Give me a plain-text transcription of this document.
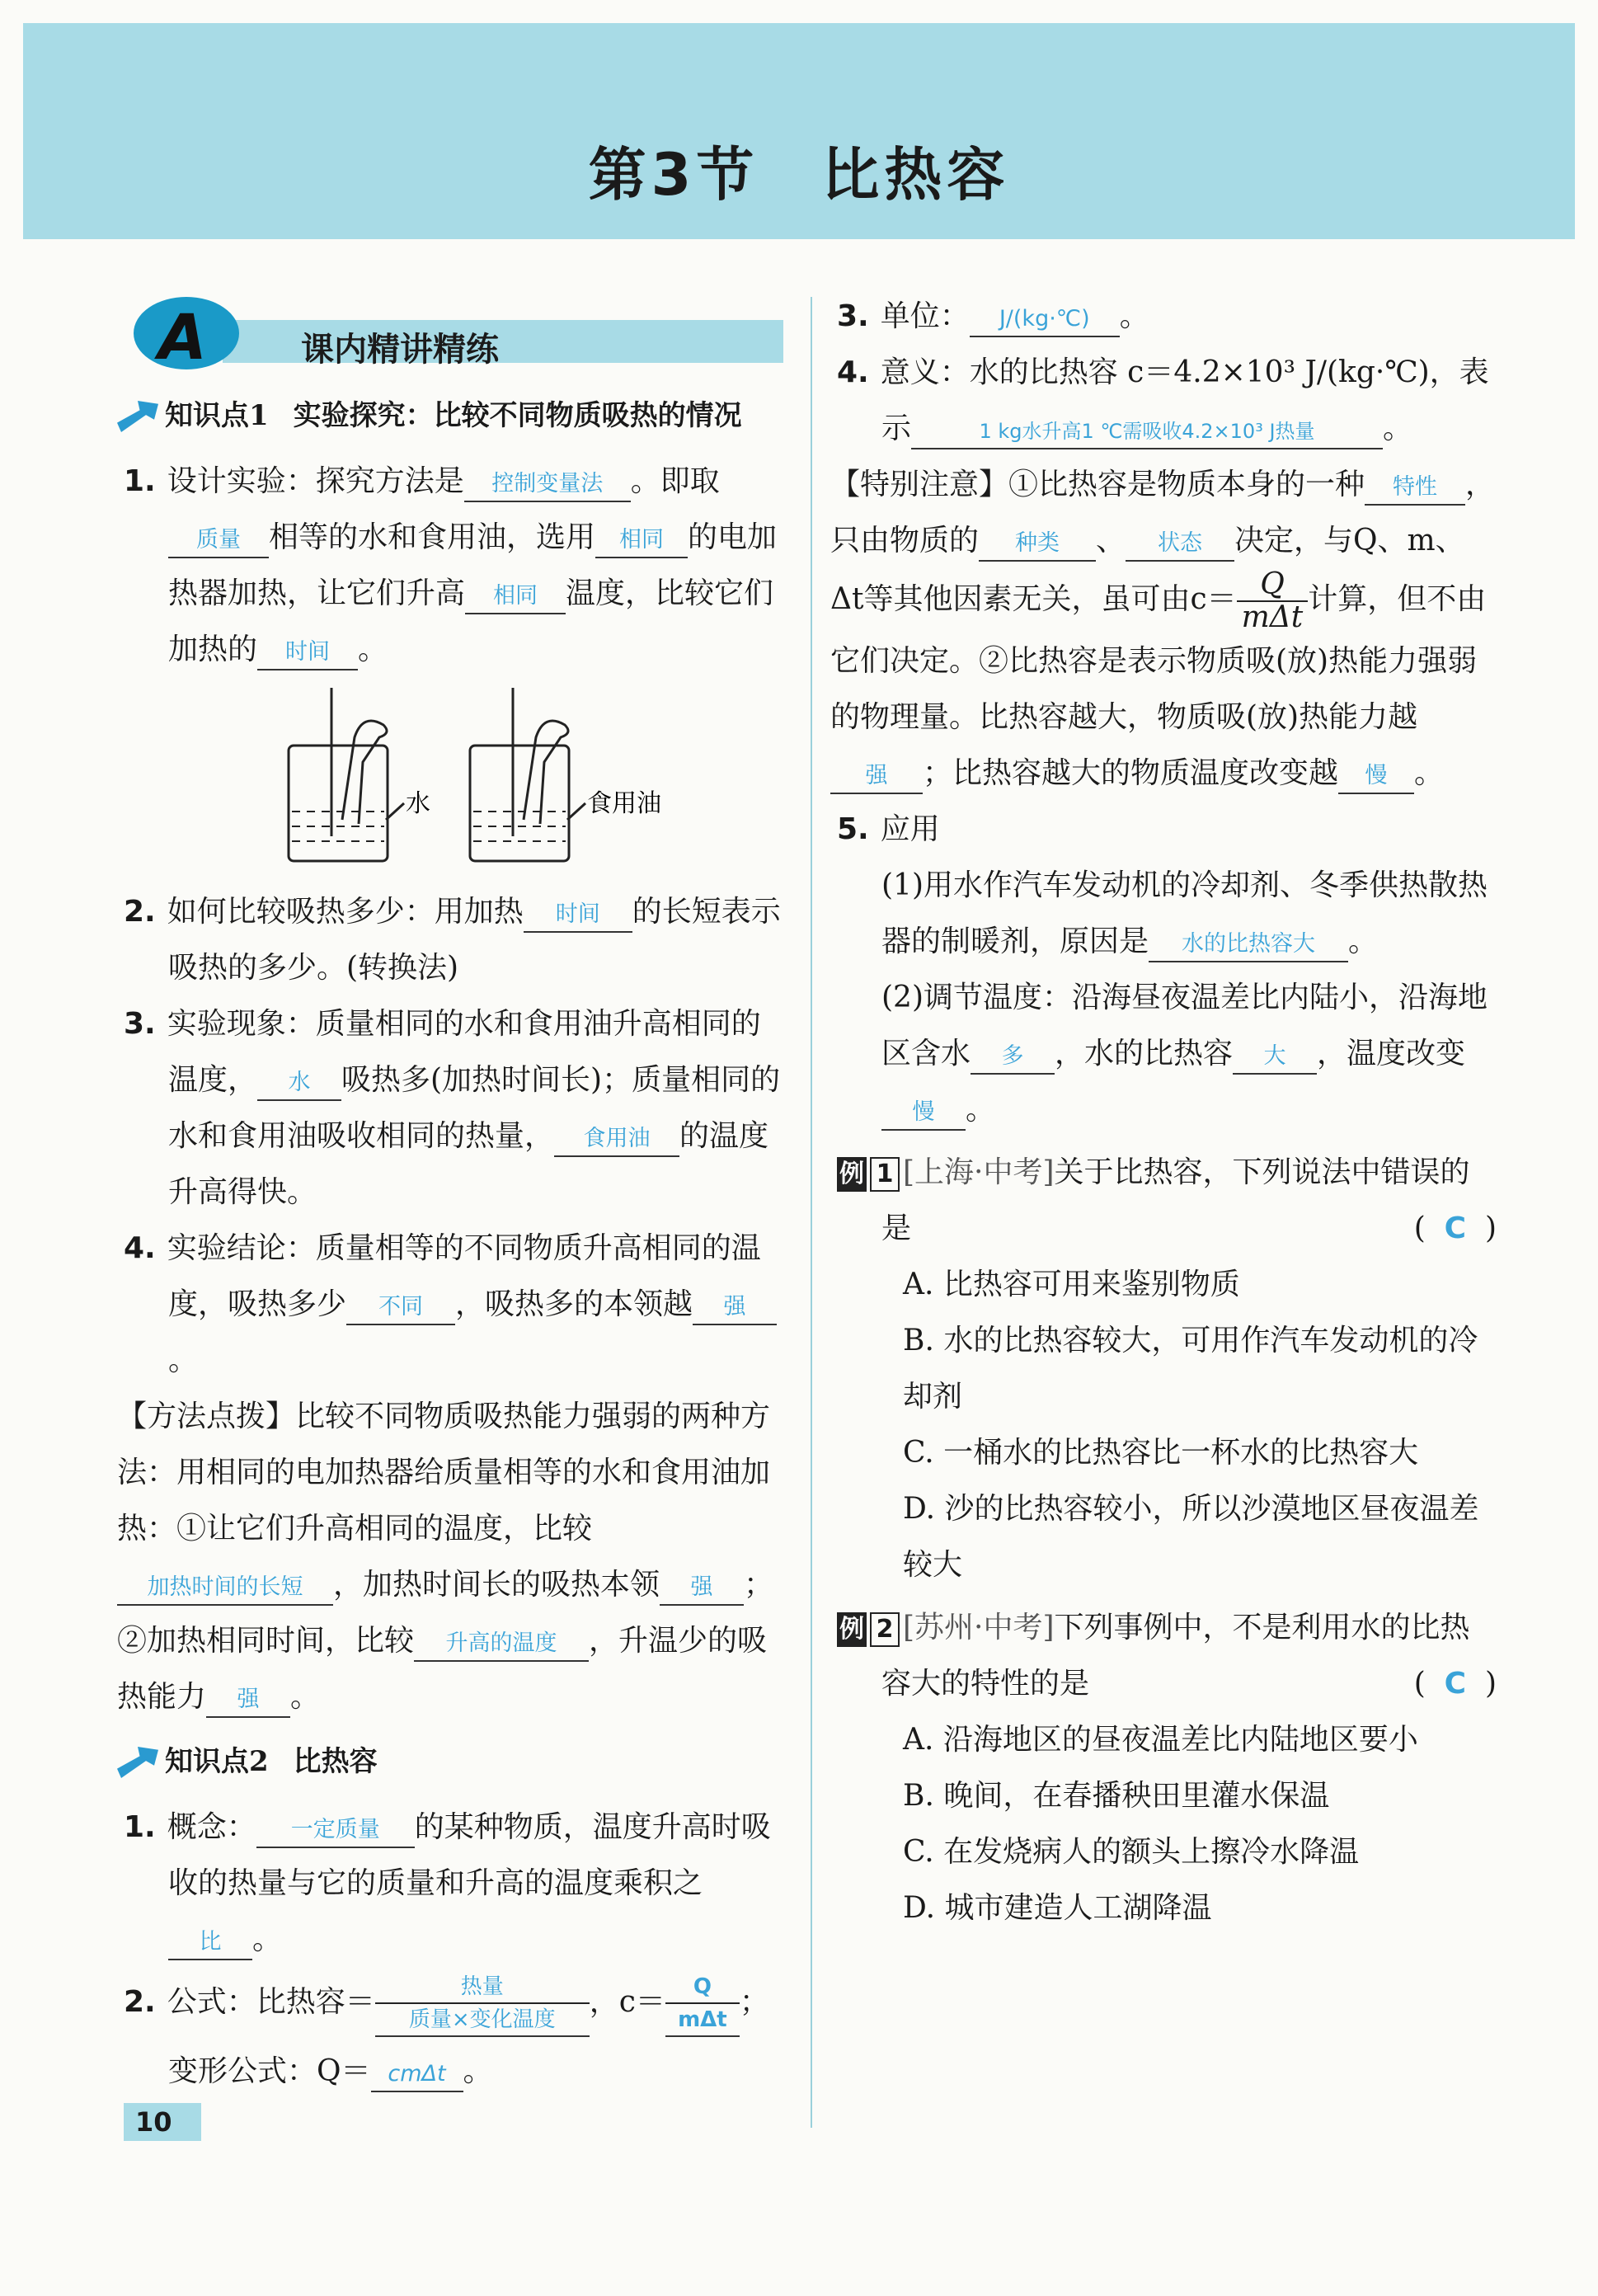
第3节　比热容
A	课内精讲精练
知识点1 实验探究：比较不同物质吸热的情况

1. 设计实验：探究方法是 控制变量法 。即取质量 相等的水和食用油，选用 相同 的电加热器加热，让它们升高 相同 温度，比较它们加热的 时间 。

水	食用油

2. 如何比较吸热多少：用加热 时间 的长短表示吸热的多少。(转换法)

3. 实验现象：质量相同的水和食用油升高相同的温度， 水 吸热多(加热时间长)；质量相同的水和食用油吸收相同的热量， 食用油 的温度升高得快。

4. 实验结论：质量相等的不同物质升高相同的温度，吸热多少 不同 ，吸热多的本领越 强。

【方法点拨】比较不同物质吸热能力强弱的两种方法：用相同的电加热器给质量相等的水和食用油加热：①让它们升高相同的温度，比较加热时间的长短 ，加热时间长的吸热本领 强 ；②加热相同时间，比较 升高的温度 ，升温少的吸热能力 强 。

知识点2 比热容

1. 概念： 一定质量 的某种物质，温度升高时吸收的热量与它的质量和升高的温度乘积之比 。

2. 公式：比热容＝ $\frac{\text{热量}}{\text{质量×变化温度}}$ ，$c= \frac{Q}{\text{mΔt}}$ ；
变形公式：Q＝ cmΔt 。

3. 单位： J/(kg·℃) 。

4. 意义：水的比热容 c＝4.2×10³ J/(kg·℃)，表示	1 kg水升高1 ℃需吸收4.2×10³ J热量 。

【特别注意】①比热容是物质本身的一种 特性 ，只由物质的 种类 、 状态 决定，与Q、m、Δt等其他因素无关，虽可由$c= \frac{Q}{\text{mΔt}}$ 计算，但不由它们决定。②比热容是表示物质吸(放)热能力强弱的物理量。比热容越大，物质吸(放)热能力越强 ；比热容越大的物质温度改变越 慢 。

5. 应用

(1)用水作汽车发动机的冷却剂、冬季供热散热器的制暖剂，原因是 水的比热容大 。

(2)调节温度：沿海昼夜温差比内陆小，沿海地区含水 多 ，水的比热容 大 ，温度改变慢 。

例 1 [上海·中考]关于比热容，下列说法中错误的是	(  C  )

A. 比热容可用来鉴别物质

B. 水的比热容较大，可用作汽车发动机的冷却剂

C. 一桶水的比热容比一杯水的比热容大

D. 沙的比热容较小，所以沙漠地区昼夜温差较大

例 2 [苏州·中考]下列事例中，不是利用水的比热容大的特性的是	(  C  )

A. 沿海地区的昼夜温差比内陆地区要小

B. 晚间，在春播秧田里灌水保温

C. 在发烧病人的额头上擦冷水降温

D. 城市建造人工湖降温

10
